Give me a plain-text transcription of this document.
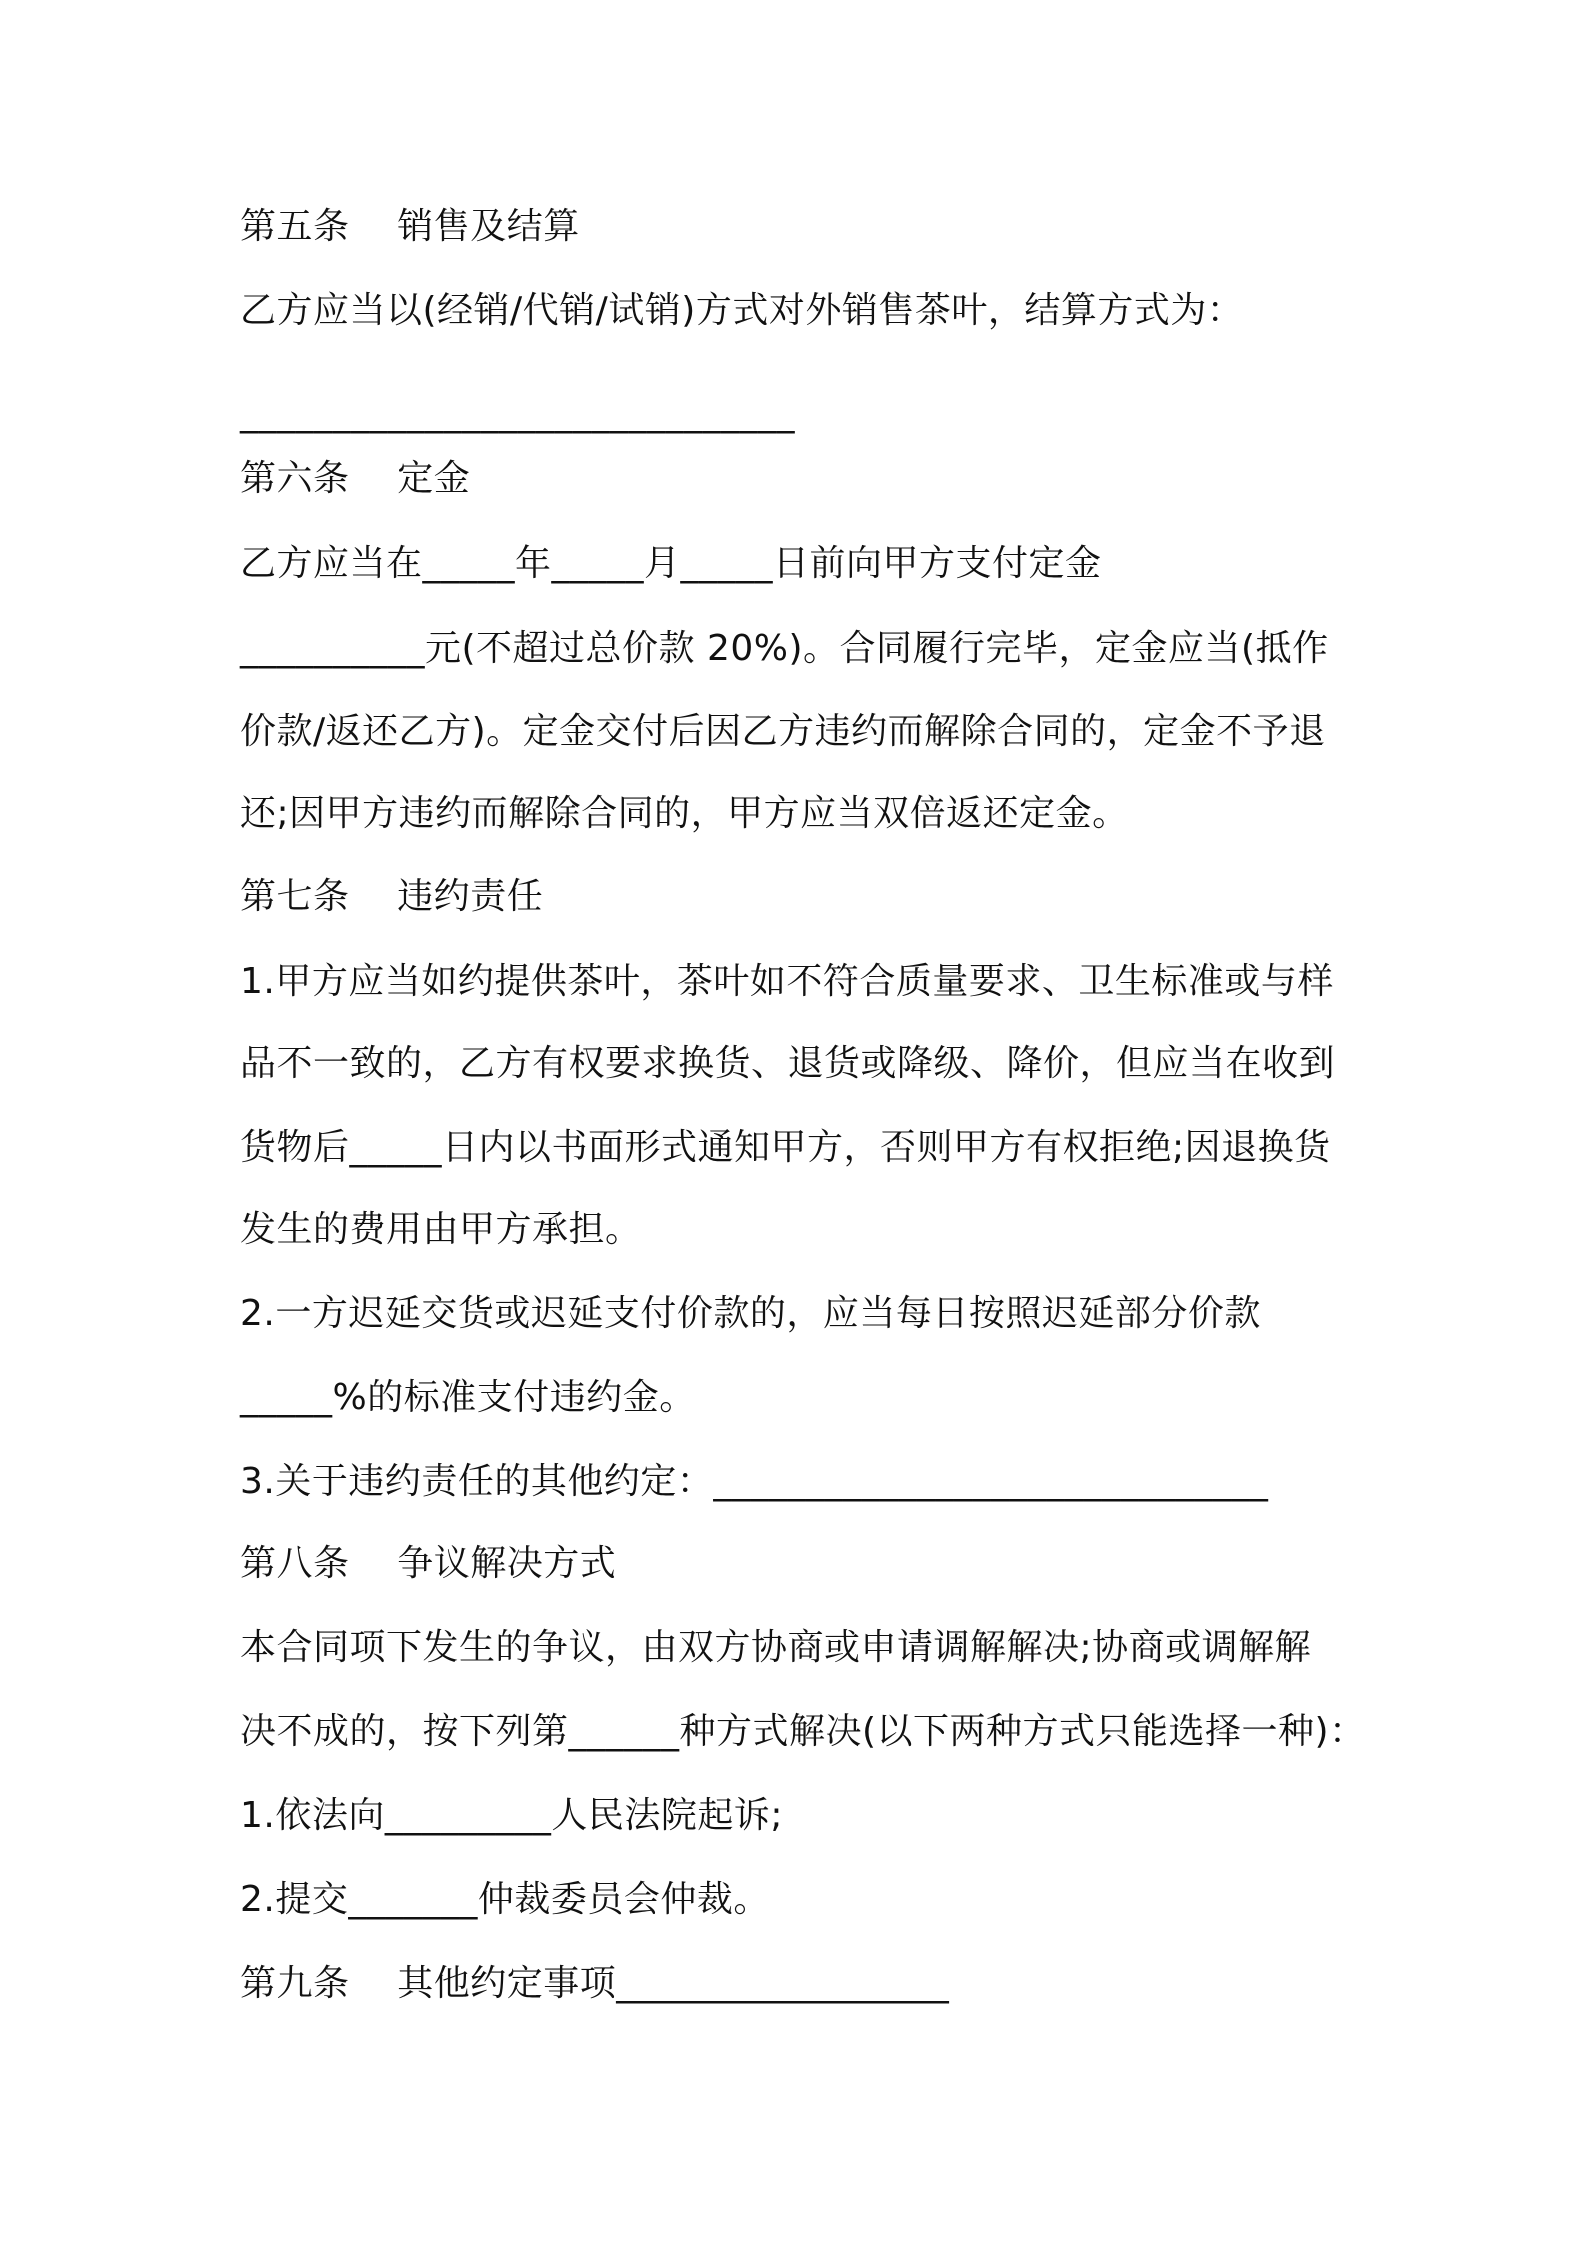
第五条    销售及结算
乙方应当以(经销/代销/试销)方式对外销售茶叶，结算方式为：
______________________________
第六条    定金
乙方应当在_____年_____月_____日前向甲方支付定金
__________元(不超过总价款 20%)。合同履行完毕，定金应当(抵作
价款/返还乙方)。定金交付后因乙方违约而解除合同的，定金不予退
还;因甲方违约而解除合同的，甲方应当双倍返还定金。
第七条    违约责任
1.甲方应当如约提供茶叶，茶叶如不符合质量要求、卫生标准或与样
品不一致的，乙方有权要求换货、退货或降级、降价，但应当在收到
货物后_____日内以书面形式通知甲方，否则甲方有权拒绝;因退换货
发生的费用由甲方承担。
2.一方迟延交货或迟延支付价款的，应当每日按照迟延部分价款
_____%的标准支付违约金。
3.关于违约责任的其他约定：______________________________
第八条    争议解决方式
本合同项下发生的争议，由双方协商或申请调解解决;协商或调解解
决不成的，按下列第______种方式解决(以下两种方式只能选择一种)：
1.依法向_________人民法院起诉;
2.提交_______仲裁委员会仲裁。
第九条    其他约定事项__________________
